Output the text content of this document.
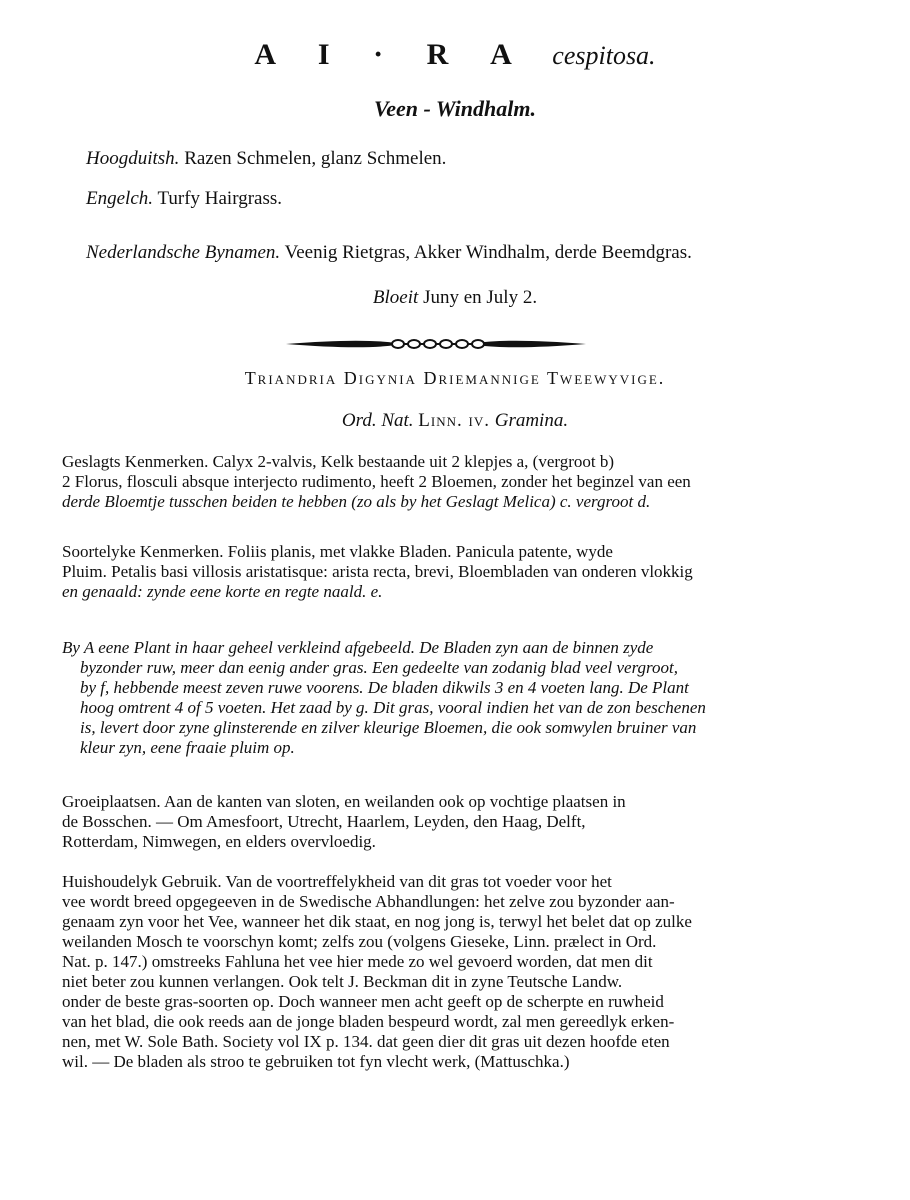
A I · R A cespitosa.
Veen - Windhalm.
Hoogduitsh. Razen Schmelen, glanz Schmelen.
Engelch. Turfy Hairgrass.
Nederlandsche Bynamen. Veenig Rietgras, Akker Windhalm, derde Beemdgras.
Bloeit Juny en July 2.
Triandria Digynia Driemannige Tweewyvige.
Ord. Nat. Linn. iv. Gramina.
Geslagts Kenmerken. Calyx 2-valvis, Kelk bestaande uit 2 klepjes a, (vergroot b)
2 Florus, flosculi absque interjecto rudimento, heeft 2 Bloemen, zonder het beginzel van een
derde Bloemtje tusschen beiden te hebben (zo als by het Geslagt Melica) c. vergroot d.
Soortelyke Kenmerken. Foliis planis, met vlakke Bladen. Panicula patente, wyde
Pluim. Petalis basi villosis aristatisque: arista recta, brevi, Bloembladen van onderen vlokkig
en genaald: zynde eene korte en regte naald. e.
By A eene Plant in haar geheel verkleind afgebeeld. De Bladen zyn aan de binnen zyde
byzonder ruw, meer dan eenig ander gras. Een gedeelte van zodanig blad veel vergroot,
by f, hebbende meest zeven ruwe voorens. De bladen dikwils 3 en 4 voeten lang. De Plant
hoog omtrent 4 of 5 voeten. Het zaad by g. Dit gras, vooral indien het van de zon beschenen
is, levert door zyne glinsterende en zilver kleurige Bloemen, die ook somwylen bruiner van
kleur zyn, eene fraaie pluim op.
Groeiplaatsen. Aan de kanten van sloten, en weilanden ook op vochtige plaatsen in
de Bosschen. — Om Amesfoort, Utrecht, Haarlem, Leyden, den Haag, Delft,
Rotterdam, Nimwegen, en elders overvloedig.
Huishoudelyk Gebruik. Van de voortreffelykheid van dit gras tot voeder voor het
vee wordt breed opgegeeven in de Swedische Abhandlungen: het zelve zou byzonder aan-
genaam zyn voor het Vee, wanneer het dik staat, en nog jong is, terwyl het belet dat op zulke
weilanden Mosch te voorschyn komt; zelfs zou (volgens Gieseke, Linn. prælect in Ord.
Nat. p. 147.) omstreeks Fahluna het vee hier mede zo wel gevoerd worden, dat men dit
niet beter zou kunnen verlangen. Ook telt J. Beckman dit in zyne Teutsche Landw.
onder de beste gras-soorten op. Doch wanneer men acht geeft op de scherpte en ruwheid
van het blad, die ook reeds aan de jonge bladen bespeurd wordt, zal men gereedlyk erken-
nen, met W. Sole Bath. Society vol IX p. 134. dat geen dier dit gras uit dezen hoofde eten
wil. — De bladen als stroo te gebruiken tot fyn vlecht werk, (Mattuschka.)
